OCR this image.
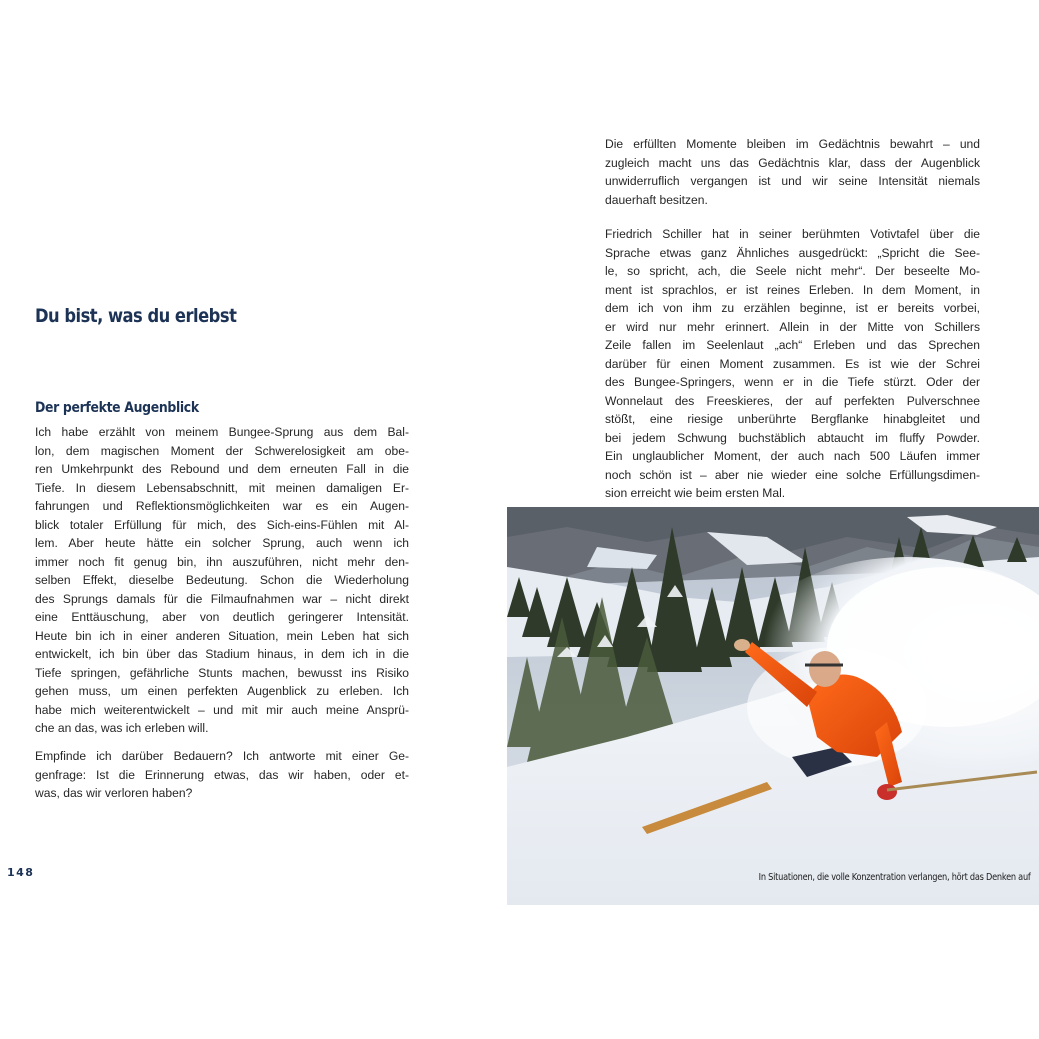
Du bist, was du erlebst
Der perfekte Augenblick
Ich habe erzählt von meinem Bungee-Sprung aus dem Bal-
lon, dem magischen Moment der Schwerelosigkeit am obe-
ren Umkehrpunkt des Rebound und dem erneuten Fall in die
Tiefe. In diesem Lebensabschnitt, mit meinen damaligen Er-
fahrungen und Reflektionsmöglichkeiten war es ein Augen-
blick totaler Erfüllung für mich, des Sich-eins-Fühlen mit Al-
lem. Aber heute hätte ein solcher Sprung, auch wenn ich
immer noch fit genug bin, ihn auszuführen, nicht mehr den-
selben Effekt, dieselbe Bedeutung. Schon die Wiederholung
des Sprungs damals für die Filmaufnahmen war – nicht direkt
eine Enttäuschung, aber von deutlich geringerer Intensität.
Heute bin ich in einer anderen Situation, mein Leben hat sich
entwickelt, ich bin über das Stadium hinaus, in dem ich in die
Tiefe springen, gefährliche Stunts machen, bewusst ins Risiko
gehen muss, um einen perfekten Augenblick zu erleben. Ich
habe mich weiterentwickelt – und mit mir auch meine Ansprü-
che an das, was ich erleben will.
Empfinde ich darüber Bedauern? Ich antworte mit einer Ge-
genfrage: Ist die Erinnerung etwas, das wir haben, oder et-
was, das wir verloren haben?
148
Die erfüllten Momente bleiben im Gedächtnis bewahrt – und
zugleich macht uns das Gedächtnis klar, dass der Augenblick
unwiderruflich vergangen ist und wir seine Intensität niemals
dauerhaft besitzen.
Friedrich Schiller hat in seiner berühmten Votivtafel über die
Sprache etwas ganz Ähnliches ausgedrückt: „Spricht die See-
le, so spricht, ach, die Seele nicht mehr“. Der beseelte Mo-
ment ist sprachlos, er ist reines Erleben. In dem Moment, in
dem ich von ihm zu erzählen beginne, ist er bereits vorbei,
er wird nur mehr erinnert. Allein in der Mitte von Schillers
Zeile fallen im Seelenlaut „ach“ Erleben und das Sprechen
darüber für einen Moment zusammen. Es ist wie der Schrei
des Bungee-Springers, wenn er in die Tiefe stürzt. Oder der
Wonnelaut des Freeskieres, der auf perfekten Pulverschnee
stößt, eine riesige unberührte Bergflanke hinabgleitet und
bei jedem Schwung buchstäblich abtaucht im fluffy Powder.
Ein unglaublicher Moment, der auch nach 500 Läufen immer
noch schön ist – aber nie wieder eine solche Erfüllungsdimen-
sion erreicht wie beim ersten Mal.
In Situationen, die volle Konzentration verlangen, hört das Denken auf
